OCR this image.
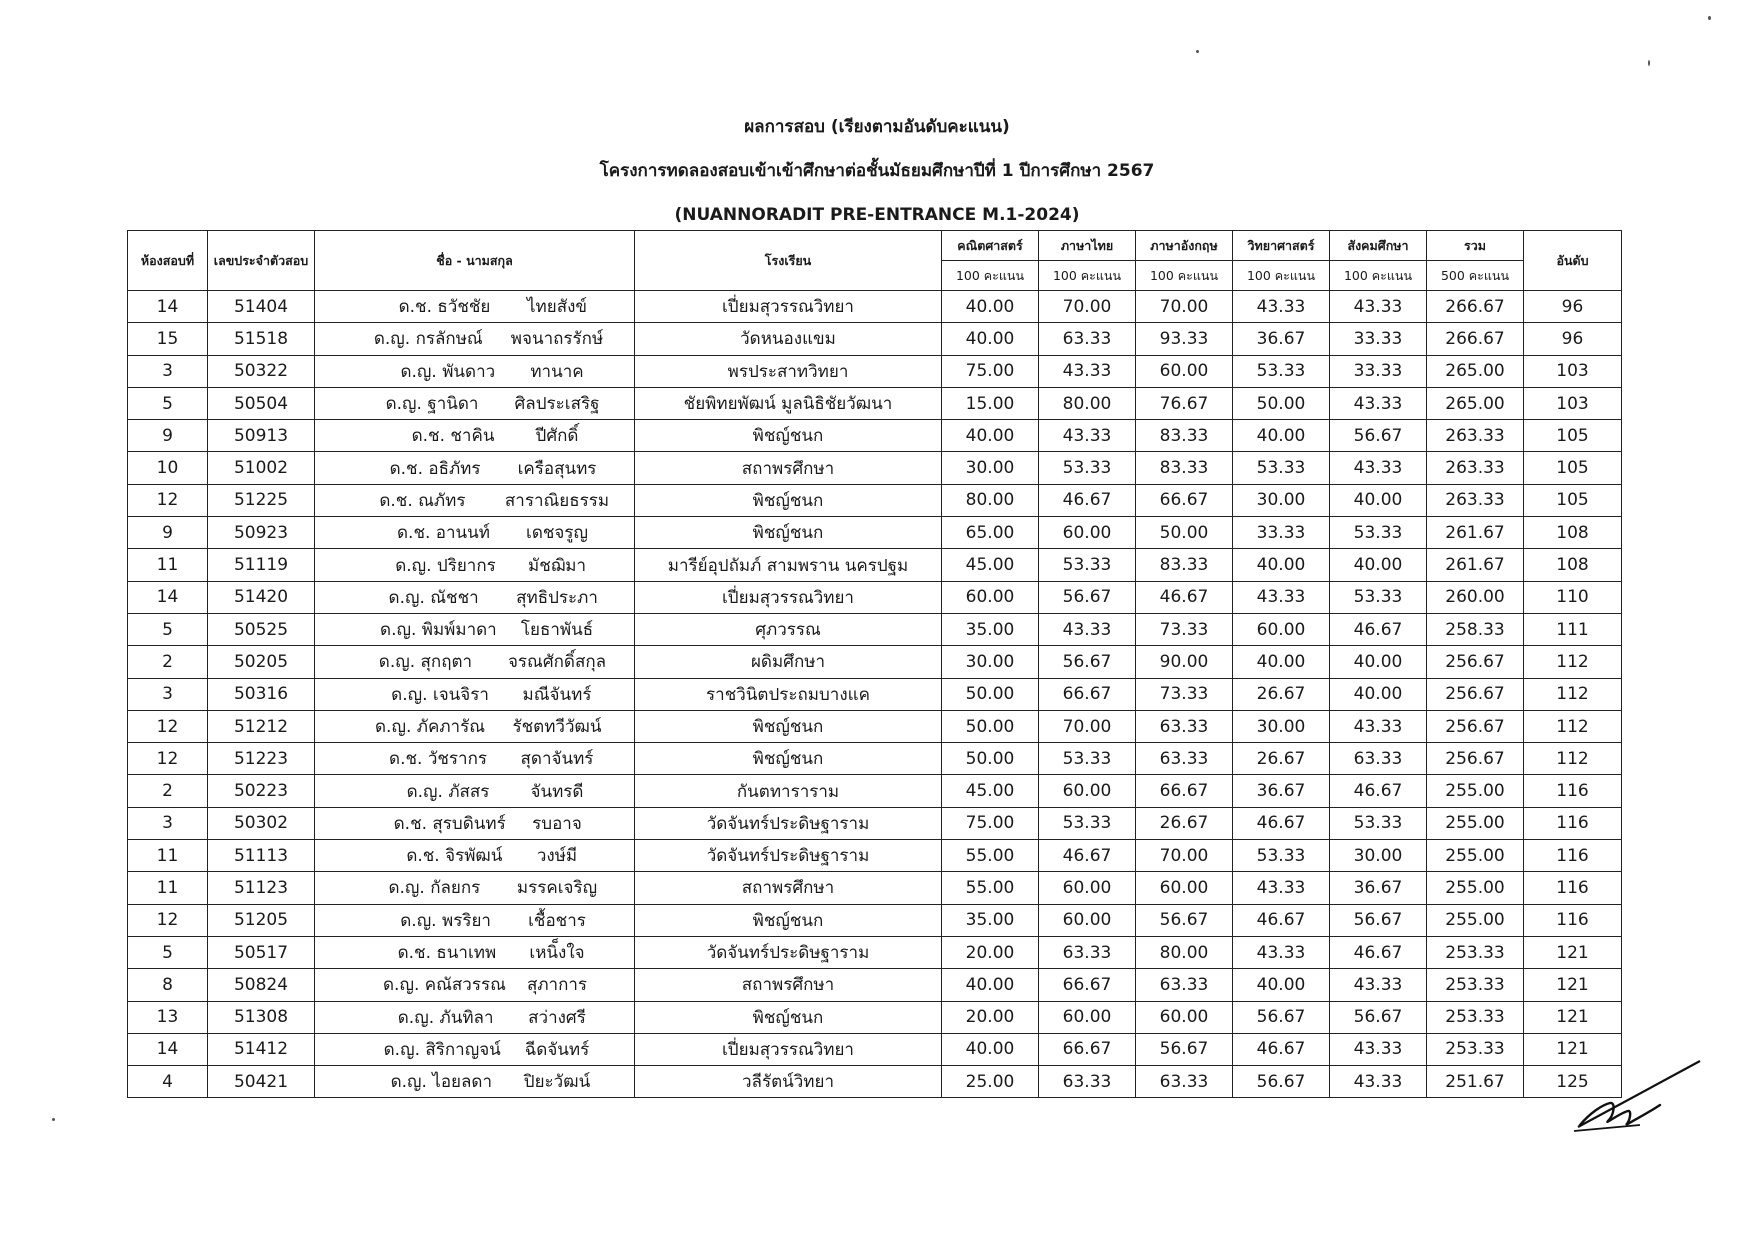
ผลการสอบ (เรียงตามอันดับคะแนน)
โครงการทดลองสอบเข้าเข้าศึกษาต่อชั้นมัธยมศึกษาปีที่ 1 ปีการศึกษา 2567
(NUANNORADIT PRE-ENTRANCE M.1-2024)
ห้องสอบที่	เลขประจำตัวสอบ	ชื่อ - นามสกุล	โรงเรียน	คณิตศาสตร์	ภาษาไทย	ภาษาอังกฤษ	วิทยาศาสตร์	สังคมศึกษา	รวม	อันดับ
				100 คะแนน	100 คะแนน	100 คะแนน	100 คะแนน	100 คะแนน	500 คะแนน	
14	51404	ด.ช. ธวัชชัย ไทยสังข์	เปี่ยมสุวรรณวิทยา	40.00	70.00	70.00	43.33	43.33	266.67	96
15	51518	ด.ญ. กรลักษณ์ พจนาถรรักษ์	วัดหนองแขม	40.00	63.33	93.33	36.67	33.33	266.67	96
3	50322	ด.ญ. พันดาว ทานาค	พรประสาทวิทยา	75.00	43.33	60.00	53.33	33.33	265.00	103
5	50504	ด.ญ. ฐานิดา ศิลประเสริฐ	ชัยพิทยพัฒน์ มูลนิธิชัยวัฒนา	15.00	80.00	76.67	50.00	43.33	265.00	103
9	50913	ด.ช. ชาคิน ปีศักดิ์	พิชญ์ชนก	40.00	43.33	83.33	40.00	56.67	263.33	105
10	51002	ด.ช. อธิภัทร เครือสุนทร	สถาพรศึกษา	30.00	53.33	83.33	53.33	43.33	263.33	105
12	51225	ด.ช. ณภัทร สาราณิยธรรม	พิชญ์ชนก	80.00	46.67	66.67	30.00	40.00	263.33	105
9	50923	ด.ช. อานนท์ เดชจรูญ	พิชญ์ชนก	65.00	60.00	50.00	33.33	53.33	261.67	108
11	51119	ด.ญ. ปริยากร มัชฌิมา	มารีย์อุปถัมภ์ สามพราน นครปฐม	45.00	53.33	83.33	40.00	40.00	261.67	108
14	51420	ด.ญ. ณัชชา สุทธิประภา	เปี่ยมสุวรรณวิทยา	60.00	56.67	46.67	43.33	53.33	260.00	110
5	50525	ด.ญ. พิมพ์มาดา โยธาพันธ์	ศุภวรรณ	35.00	43.33	73.33	60.00	46.67	258.33	111
2	50205	ด.ญ. สุกฤตา จรณศักดิ์สกุล	ผดิมศึกษา	30.00	56.67	90.00	40.00	40.00	256.67	112
3	50316	ด.ญ. เจนจิรา มณีจันทร์	ราชวินิตประถมบางแค	50.00	66.67	73.33	26.67	40.00	256.67	112
12	51212	ด.ญ. ภัคภารัณ รัชตทวีวัฒน์	พิชญ์ชนก	50.00	70.00	63.33	30.00	43.33	256.67	112
12	51223	ด.ช. วัชรากร สุดาจันทร์	พิชญ์ชนก	50.00	53.33	63.33	26.67	63.33	256.67	112
2	50223	ด.ญ. ภัสสร จันทรดี	กันตทาราราม	45.00	60.00	66.67	36.67	46.67	255.00	116
3	50302	ด.ช. สุรบดินทร์ รบอาจ	วัดจันทร์ประดิษฐาราม	75.00	53.33	26.67	46.67	53.33	255.00	116
11	51113	ด.ช. จิรพัฒน์ วงษ์มี	วัดจันทร์ประดิษฐาราม	55.00	46.67	70.00	53.33	30.00	255.00	116
11	51123	ด.ญ. กัลยกร มรรคเจริญ	สถาพรศึกษา	55.00	60.00	60.00	43.33	36.67	255.00	116
12	51205	ด.ญ. พรริยา เชื้อชาร	พิชญ์ชนก	35.00	60.00	56.67	46.67	56.67	255.00	116
5	50517	ด.ช. ธนาเทพ เหนิ็งใจ	วัดจันทร์ประดิษฐาราม	20.00	63.33	80.00	43.33	46.67	253.33	121
8	50824	ด.ญ. คณัสวรรณ สุภาการ	สถาพรศึกษา	40.00	66.67	63.33	40.00	43.33	253.33	121
13	51308	ด.ญ. ภันทิลา สว่างศรี	พิชญ์ชนก	20.00	60.00	60.00	56.67	56.67	253.33	121
14	51412	ด.ญ. สิริกาญจน์ ฉีดจันทร์	เปี่ยมสุวรรณวิทยา	40.00	66.67	56.67	46.67	43.33	253.33	121
4	50421	ด.ญ. ไอยลดา ปิยะวัฒน์	วลีรัตน์วิทยา	25.00	63.33	63.33	56.67	43.33	251.67	125
